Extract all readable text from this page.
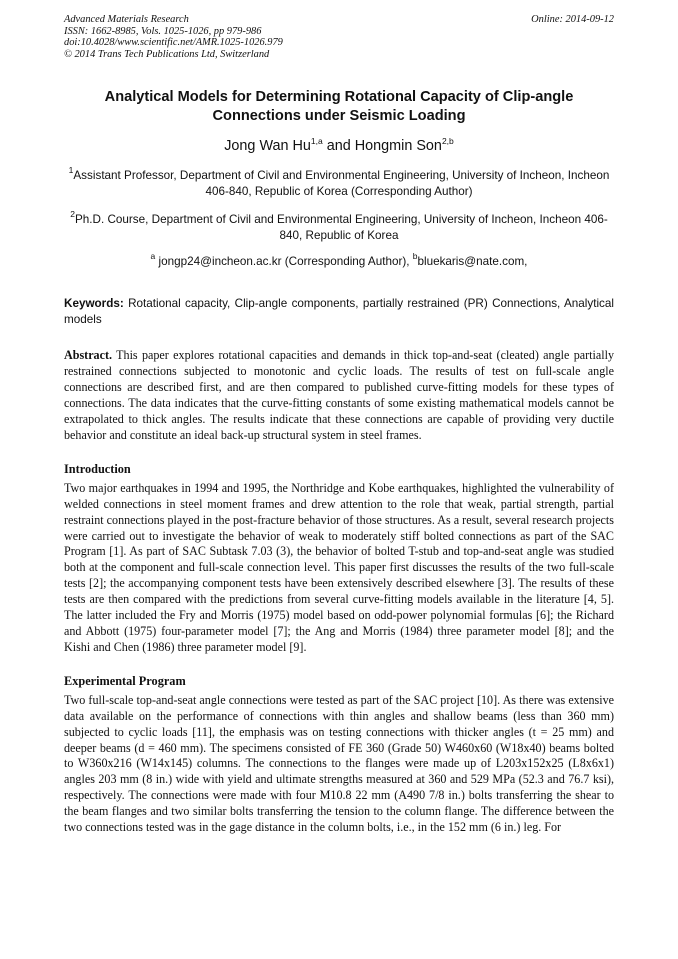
Advanced Materials Research
ISSN: 1662-8985, Vols. 1025-1026, pp 979-986
doi:10.4028/www.scientific.net/AMR.1025-1026.979
© 2014 Trans Tech Publications Ltd, Switzerland
Online: 2014-09-12
Analytical Models for Determining Rotational Capacity of Clip-angle Connections under Seismic Loading
Jong Wan Hu$^{1,a}$ and Hongmin Son$^{2,b}$
$^1$Assistant Professor, Department of Civil and Environmental Engineering, University of Incheon, Incheon 406-840, Republic of Korea (Corresponding Author)
$^2$Ph.D. Course, Department of Civil and Environmental Engineering, University of Incheon, Incheon 406-840, Republic of Korea
$^a$ jongp24@incheon.ac.kr (Corresponding Author), $^b$bluekaris@nate.com,
Keywords: Rotational capacity, Clip-angle components, partially restrained (PR) Connections, Analytical models
Abstract. This paper explores rotational capacities and demands in thick top-and-seat (cleated) angle partially restrained connections subjected to monotonic and cyclic loads. The results of test on full-scale angle connections are described first, and are then compared to published curve-fitting models for these types of connections. The data indicates that the curve-fitting constants of some existing mathematical models cannot be extrapolated to thick angles. The results indicate that these connections are capable of providing very ductile behavior and constitute an ideal back-up structural system in steel frames.
Introduction
Two major earthquakes in 1994 and 1995, the Northridge and Kobe earthquakes, highlighted the vulnerability of welded connections in steel moment frames and drew attention to the role that weak, partial strength, partial restraint connections played in the post-fracture behavior of those structures. As a result, several research projects were carried out to investigate the behavior of weak to moderately stiff bolted connections as part of the SAC Program [1]. As part of SAC Subtask 7.03 (3), the behavior of bolted T-stub and top-and-seat angle was studied both at the component and full-scale connection level. This paper first discusses the results of the two full-scale tests [2]; the accompanying component tests have been extensively described elsewhere [3]. The results of these tests are then compared with the predictions from several curve-fitting models available in the literature [4, 5]. The latter included the Fry and Morris (1975) model based on odd-power polynomial formulas [6]; the Richard and Abbott (1975) four-parameter model [7]; the Ang and Morris (1984) three parameter model [8]; and the Kishi and Chen (1986) three parameter model [9].
Experimental Program
Two full-scale top-and-seat angle connections were tested as part of the SAC project [10]. As there was extensive data available on the performance of connections with thin angles and shallow beams (less than 360 mm) subjected to cyclic loads [11], the emphasis was on testing connections with thicker angles (t = 25 mm) and deeper beams (d = 460 mm). The specimens consisted of FE 360 (Grade 50) W460x60 (W18x40) beams bolted to W360x216 (W14x145) columns. The connections to the flanges were made up of L203x152x25 (L8x6x1) angles 203 mm (8 in.) wide with yield and ultimate strengths measured at 360 and 529 MPa (52.3 and 76.7 ksi), respectively. The connections were made with four M10.8 22 mm (A490 7/8 in.) bolts transferring the shear to the beam flanges and two similar bolts transferring the tension to the column flange. The difference between the two connections tested was in the gage distance in the column bolts, i.e., in the 152 mm (6 in.) leg. For
